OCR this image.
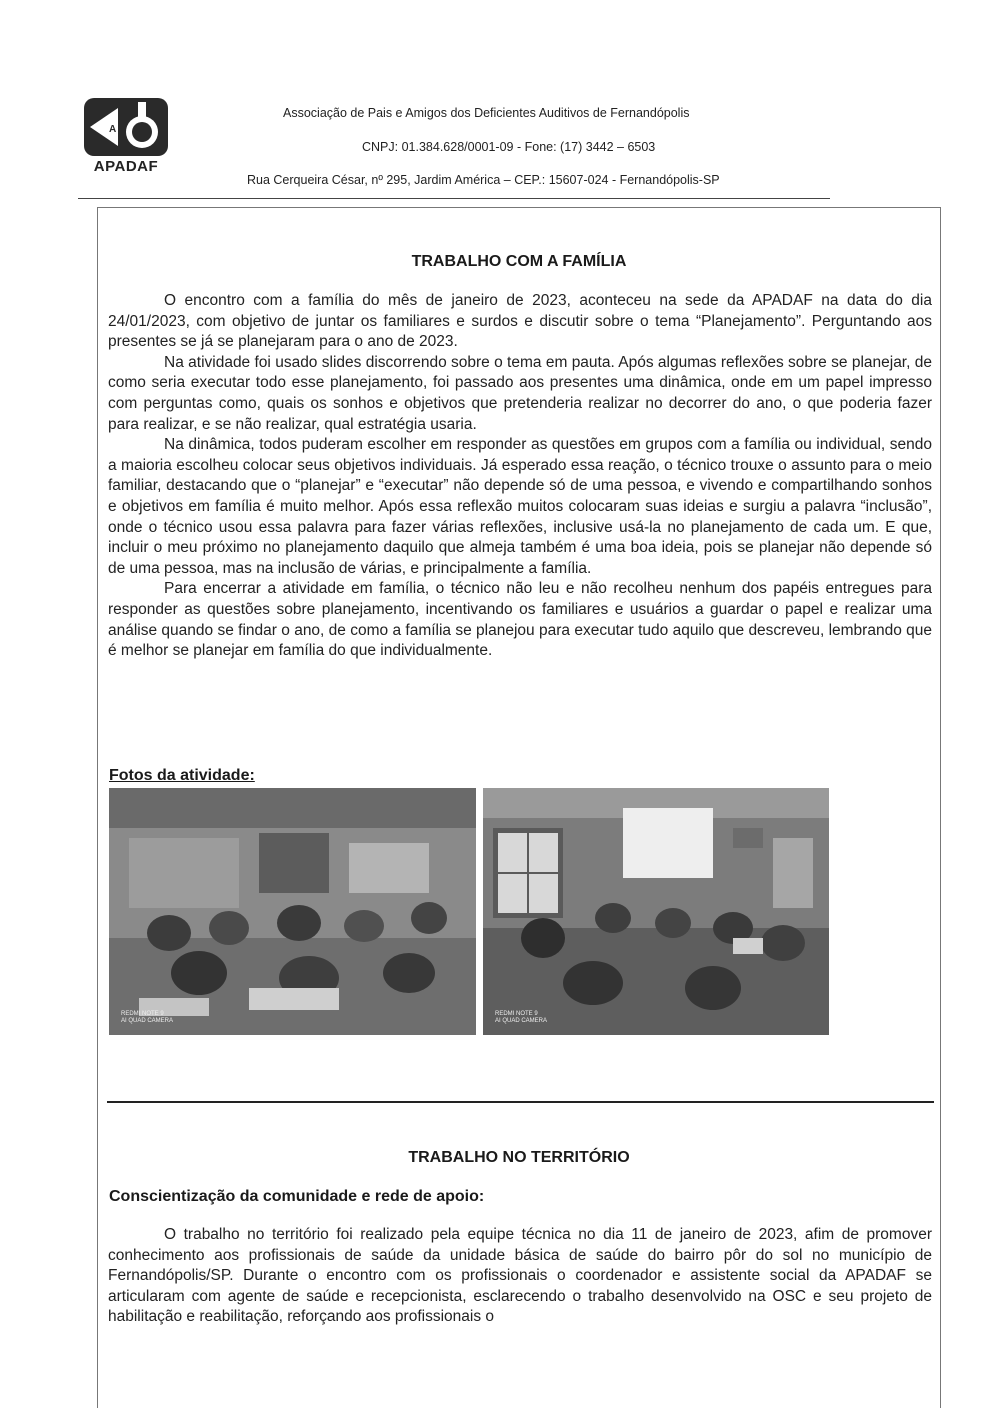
A
APADAF
Associação de Pais e Amigos dos Deficientes Auditivos de Fernandópolis
CNPJ: 01.384.628/0001-09 - Fone: (17) 3442 – 6503
Rua Cerqueira César, nº 295, Jardim América – CEP.: 15607-024 - Fernandópolis-SP
TRABALHO COM A FAMÍLIA

O encontro com a família do mês de janeiro de 2023, aconteceu na sede da APADAF na data do dia 24/01/2023, com objetivo de juntar os familiares e surdos e discutir sobre o tema “Planejamento”. Perguntando aos presentes se já se planejaram para o ano de 2023.

Na atividade foi usado slides discorrendo sobre o tema em pauta. Após algumas reflexões sobre se planejar, de como seria executar todo esse planejamento, foi passado aos presentes uma dinâmica, onde em um papel impresso com perguntas como, quais os sonhos e objetivos que pretenderia realizar no decorrer do ano, o que poderia fazer para realizar, e se não realizar, qual estratégia usaria.

Na dinâmica, todos puderam escolher em responder as questões em grupos com a família ou individual, sendo a maioria escolheu colocar seus objetivos individuais. Já esperado essa reação, o técnico trouxe o assunto para o meio familiar, destacando que o “planejar” e “executar” não depende só de uma pessoa, e vivendo e compartilhando sonhos e objetivos em família é muito melhor. Após essa reflexão muitos colocaram suas ideias e surgiu a palavra “inclusão”, onde o técnico usou essa palavra para fazer várias reflexões, inclusive usá-la no planejamento de cada um. E que, incluir o meu próximo no planejamento daquilo que almeja também é uma boa ideia, pois se planejar não depende só de uma pessoa, mas na inclusão de várias, e principalmente a família.

Para encerrar a atividade em família, o técnico não leu e não recolheu nenhum dos papéis entregues para responder as questões sobre planejamento, incentivando os familiares e usuários a guardar o papel e realizar uma análise quando se findar o ano, de como a família se planejou para executar tudo aquilo que descreveu, lembrando que é melhor se planejar em família do que individualmente.

Fotos da atividade:
REDMI NOTE 9
AI QUAD CAMERA
REDMI NOTE 9
AI QUAD CAMERA
TRABALHO NO TERRITÓRIO
Conscientização da comunidade e rede de apoio:

O trabalho no território foi realizado pela equipe técnica no dia 11 de janeiro de 2023, afim de promover conhecimento aos profissionais de saúde da unidade básica de saúde do bairro pôr do sol no município de Fernandópolis/SP. Durante o encontro com os profissionais o coordenador e assistente social da APADAF se articularam com agente de saúde e recepcionista, esclarecendo o trabalho desenvolvido na OSC e seu projeto de habilitação e reabilitação, reforçando aos profissionais o
